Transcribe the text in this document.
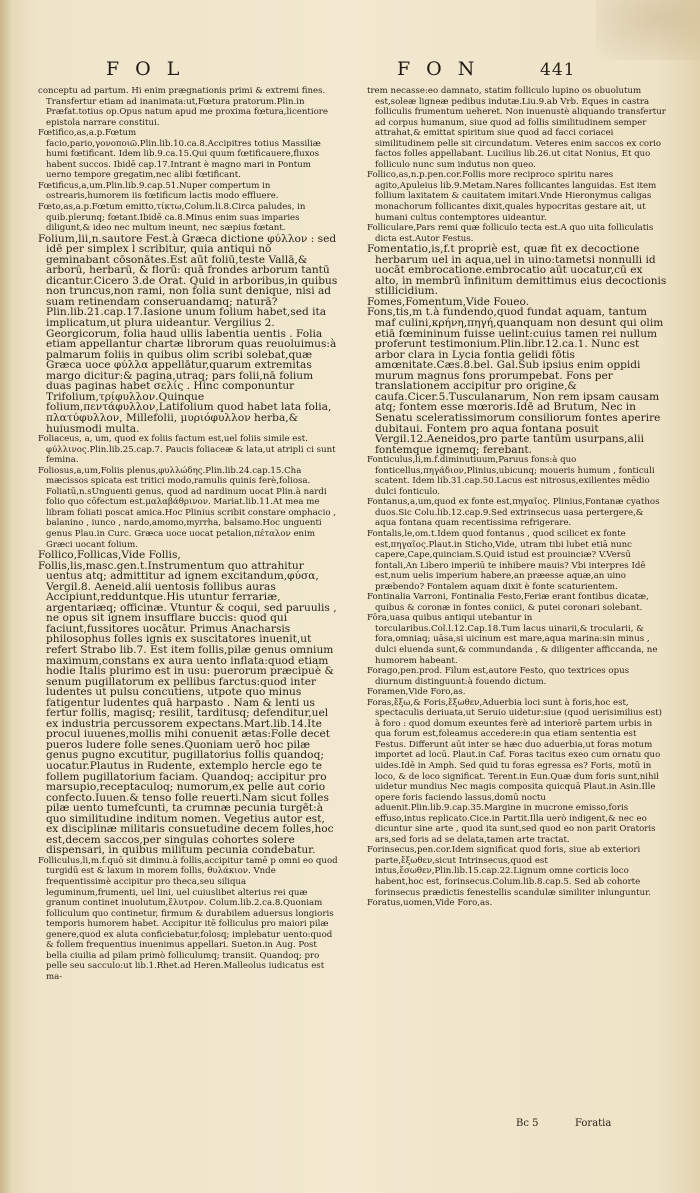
FOL	FON	441

conceptu ad partum. Hi enim prægnationis primi & extremi fines. Transfertur etiam ad inanimata:ut,Fœtura pratorum.Plin.in Præfat.totius op.Opus natum apud me proxima fœtura,licentiore epistola narrare constitui.

Fœtifico,as,a.p.Fœtum facio,pario,γονοποιῶ.Plin.lib.10.ca.8.Accipitres totius Massiliæ humi fœtificant. Idem lib.9.ca.15.Qui quum fœtificauere,fluxos habent succos. Ibidē cap.17.Intrant è magno mari in Pontum uerno tempore gregatim,nec alibi fœtificant.

Fœtificus,a,um.Plin.lib.9.cap.51.Nuper compertum in ostrearis,humorem iis fœtificum lactis modo effluere.

Fœto,as,a.p.Fœtum emitto,τίκτω,Colum.li.8.Circa paludes, in quib.plerunq; fœtant.Ibidē ca.8.Minus enim suas imparies diligunt,& ideo nec multum ineunt, nec sæpius fœtant.

Folium,lii,n.sautore Fest.à Græca dictione φύλλον : sed idē per simplex l scribitur, quia antiqui nō geminabant cōsonātes.Est aūt foliū,teste Vallā,& arborū, herbarū, & florū: quā frondes arborum tantū dicantur.Cicero 3.de Orat. Quid in arboribus,in quibus non truncus,non rami, non folia sunt denique, nisi ad suam retinendam conseruandamq; naturā? Plin.lib.21.cap.17.Iasione unum folium habet,sed ita implicatum,ut plura uideantur. Vergilius 2. Georgicorum, folia haud ullis labentia uentis . Folia etiam appellantur chartæ librorum quas reuoluimus:à palmarum foliis in quibus olim scribi solebat,quæ Græca uoce φύλλα appellātur,quarum extremitas margo dicitur:& pagina,utraq; pars folii,nā folium duas paginas habet σελίς . Hinc componuntur Trifolium,τρίφυλλον.Quinque folium,πεντάφυλλον,Latifolium quod habet lata folia, πλατύφυλλον, Millefolii, μυριόφυλλον herba,& huiusmodi multa.

Foliaceus, a, um, quod ex foliis factum est,uel foliis simile est. φύλλινος.Plin.lib.25.cap.7. Paucis foliaceæ & lata,ut atripli ci sunt femina.

Foliosus,a,um,Foliis plenus,φυλλώδης.Plin.lib.24.cap.15.Cha mæcissos spicata est tritici modo,ramulis quinis ferè,foliosa. Foliatū,n.sUnguenti genus, quod ad nardinum uocat Plin.à nardi folio quo cōfectum est.μαλαβάθρινον. Mariat.lib.11.At mea me libram foliati poscat amica.Hoc Plinius scribit constare omphacio , balanino , iunco , nardo,amomo,myrrha, balsamo.Hoc unguenti genus Plau.in Curc. Græca uoce uocat petalion,πέταλον enim Græci uocant folium.

Follico,Follicas,Vide Follis,

Follis,lis,masc.gen.t.Instrumentum quo attrahitur uentus atq; admittitur ad ignem excitandum,φύσα, Vergil.8. Aeneid.alii uentosis follibus auras Accipiunt,redduntque.His utuntur ferrariæ, argentariæq; officinæ. Vtuntur & coqui, sed paruulis , ne opus sit ignem insufflare buccis: quod qui faciunt,fussitores uocātur. Primus Anacharsis philosophus folles ignis ex suscitatores inuenit,ut refert Strabo lib.7. Est item follis,pilæ genus omnium maximum,constans ex aura uento inflata:quod etiam hodie Italis plurimo est in usu: puerorum præcipuè & senum pugillatorum ex pellibus farctus:quod inter ludentes ut pulsu concutiens, utpote quo minus fatigentur ludentes quā harpasto . Nam & lenti us fertur follis, magisq; resilit, tarditusq; defenditur,uel ex industria percussorem expectans.Mart.lib.14.Ite procul iuuenes,mollis mihi conuenit ætas:Folle decet pueros ludere folle senes.Quoniam uerō hoc pilæ genus pugno excutitur, pugillatorius follis quandoq; uocatur.Plautus in Rudente, extemplo hercle ego te follem pugillatorium faciam. Quandoq; accipitur pro marsupio,receptaculoq; numorum,ex pelle aut corio confecto.Iuuen.& tenso folle reuerti.Nam sicut folles pilæ uento tumefcunti, ta crumnæ pecunia turgēt:à quo similitudine inditum nomen. Vegetius autor est, ex disciplinæ militaris consuetudine decem folles,hoc est,decem saccos,per singulas cohortes solere dispensari, in quibus militum pecunia condebatur.

Folliculus,li,m.f.quō sit diminu.à follis,accipitur tamē p omni eo quod turgidū est & laxum in morem follis, θυλάκιον. Vnde frequentissimè accipitur pro theca,seu siliqua leguminum,frumenti, uel lini, uel cuiuslibet alterius rei quæ granum continet inuolutum,ἔλυτρον. Colum.lib.2.ca.8.Quoniam folliculum quo continetur, firmum & durabilem aduersus longioris temporis humorem habet. Accipitur itē folliculus pro maiori pilæ genere,quod ex aluta conficiebatur,folosq; implebatur uento:quod & follem frequentius inuenimus appellari. Sueton.in Aug. Post bella ciuilia ad pilam primò folliculumq; transiit. Quandoq; pro pelle seu sacculo:ut lib.1.Rhet.ad Heren.Malleolus iudicatus est ma-

trem necasse:eo damnato, statim folliculo lupino os obuolutum est,soleæ ligneæ pedibus indutæ.Liu.9.ab Vrb. Eques in castra folliculis frumentum ueheret. Non inuenustè aliquando transfertur ad corpus humanum, siue quod ad follis similitudinem semper attrahat,& emittat spiritum siue quod ad facci coriacei similitudinem pelle sit circundatum. Veteres enim saccos ex corio factos folles appellabant. Lucilius lib.26.ut citat Nonius, Et quo folliculo nunc sum indutus non queo.

Follico,as,n.p.pen.cor.Follis more reciproco spiritu nares agito,Apuleius lib.9.Metam.Nares follicantes languidas. Est item follium laxitatem & cauitatem imitari.Vnde Hieronymus caligas monachorum follicantes dixit,quales hypocritas gestare ait, ut humani cultus contemptores uideantur.

Folliculare,Pars remi quæ folliculo tecta est.A quo uita folliculatis dicta est.Autor Festus.

Fomentatio,is,f.t propriè est, quæ fit ex decoctione herbarum uel in aqua,uel in uino:tametsi nonnulli id uocāt embrocatione.embrocatio aūt uocatur,cū ex alto, in membrū īnfinitum demittimus eius decoctionis stillicidium.

Fomes,Fomentum,Vide Foueo.

Fons,tis,m t.à fundendo,quod fundat aquam, tantum maf culini,κρήνη,πηγή,quanquam non desunt qui olim etiā fœmininum fuisse uelint:cuius tamen rei nullum proferunt testimonium.Plin.libr.12.ca.1. Nunc est arbor clara in Lycia fontia gelidi fōtis amœnitate.Cæs.8.bel. Gal.Sub ipsius enim oppidi murum magnus fons prorumpebat. Fons per translationem accipitur pro origine,& caufa.Cicer.5.Tusculanarum, Non rem ipsam causam atq; fontem esse mœroris.Idē ad Brutum, Nec in Senatu sceleratissimorum consiliorum fontes aperire dubitaui. Fontem pro aqua fontana posuit Vergil.12.Aeneidos,pro parte tantūm usurpans,alii fontemque ignemq; ferebant.

Fonticulus,li,m.f.diminutiuum,Paruus fons:à quo fonticellus,πηγάδιον,Plinius,ubicunq; moueris humum , fonticuli scatent. Idem lib.31.cap.50.Lacus est nitrosus,exilientes mēdio dulci fonticulo.

Fontanus,a,um,quod ex fonte est,πηγαῖος. Plinius,Fontanæ cyathos duos.Sic Colu.lib.12.cap.9.Sed extrinsecus uasa pertergere,& aqua fontana quam recentissima refrigerare.

Fontalis,le,om.t.Idem quod fontanus , quod scilicet ex fonte est,πηγαῖος.Plaut.in Sticho,Vide, utram tibi lubet etiā nunc capere,Cape,quinciam.S.Quid istud est prouinciæ? V.Versū fontali,An Libero imperiū te inhibere mauis? Vbi interpres Idē est,num uelis imperium habere,an præesse aquæ,an uino præbendo? Fontalem aquam dixit è fonte scaturientem.

Fontinalia Varroni, Fontinalia Festo,Feriæ erant fontibus dicatæ, quibus & coronæ in fontes coniici, & putei coronari solebant.

Fōra,uasa quibus antiqui utebantur in torcularibus.Col.l.12.Cap.18.Tum lacus uinarii,& trocularii, & fora,omniaq; uāsa,si uicinum est mare,aqua marina:sin minus , dulci eluenda sunt,& commundanda , & diligenter afficcanda, ne humorem habeant.

Forago,pen.prod. Filum est,autore Festo, quo textrices opus diurnum distinguunt:à fouendo dictum.

Foramen,Vide Foro,as.

Foras,ἔξω,& Foris,ἔξωθεν,Aduerbia loci sunt à foris,hoc est, spectaculis deriuata,ut Seruio uidetur:siue (quod uerisimilius est) à foro : quod domum exeuntes ferè ad interiorē partem urbis in qua forum est,foleamus accedere:in qua etiam sententia est Festus. Differunt aūt inter se hæc duo aduerbia,ut foras motum importet ad locū. Plaut.in Caf. Foras tacitus exeo cum ornatu quo uides.Idē in Amph. Sed quid tu foras egressa es? Foris, motū in loco, & de loco significat. Terent.in Eun.Quæ dum foris sunt,nihil uidetur mundius Nec magis composita quicquā Plaut.in Asin.Ille opere foris faciendo lassus,domū noctu aduenit.Plin.lib.9.cap.35.Margine in mucrone emisso,foris effuso,intus replicato.Cice.in Partit.Illa uerò indigent,& nec eo dicuntur sine arte , quod ita sunt,sed quod eo non parit Oratoris ars,sed foris ad se delata,tamen arte tractat.

Forinsecus,pen.cor.Idem significat quod foris, siue ab exteriori parte,ἔξωθεν,sicut Intrinsecus,quod est intus,ἔσωθεν,Plin.lib.15.cap.22.Lignum omne corticis loco habent,hoc est, forinsecus.Colum.lib.8.cap.5. Sed ab cohorte forinsecus prædictis fenestellis scandulæ similiter inlunguntur.

Foratus,uomen,Vide Foro,as.

Bc 5	Foratia
